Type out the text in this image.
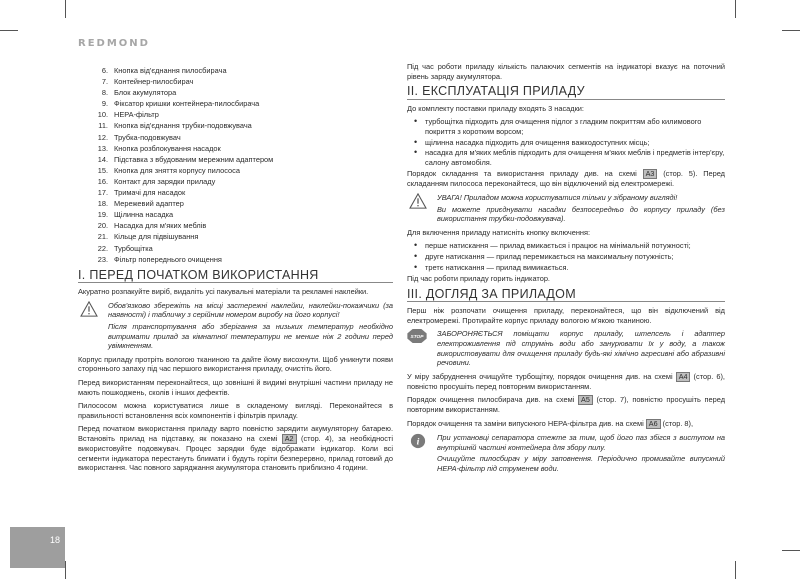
REDMOND
18
6. Кнопка від'єднання пилосбирача
7. Контейнер-пилосбирач
8. Блок акумулятора
9. Фіксатор кришки контейнера-пилосбирача
10. HEPA-фільтр
11. Кнопка від'єднання трубки-подовжувача
12. Трубка-подовжувач
13. Кнопка розблокування насадок
14. Підставка з вбудованим мережним адаптером
15. Кнопка для зняття корпусу пилососа
16. Контакт для зарядки приладу
17. Тримачі для насадок
18. Мережевий адаптер
19. Щілинна насадка
20. Насадка для м'яких меблів
21. Кільце для підвішування
22. Турбощітка
23. Фільтр попереднього очищення
I. ПЕРЕД ПОЧАТКОМ ВИКОРИСТАННЯ

Акуратно розпакуйте виріб, видаліть усі пакувальні матеріали та рекламні наклейки.

Обов'язково збережіть на місці застережні наклейки, наклейки-покажчики (за наявності) і табличку з серійним номером виробу на його корпусі!

Після транспортування або зберігання за низьких температур необхідно витримати прилад за кімнатної температури не менше ніж 2 години перед увімкненням.

Корпус приладу протріть вологою тканиною та дайте йому висохнути. Щоб уникнути появи стороннього запаху під час першого використання приладу, очистіть його.

Перед використанням переконайтеся, що зовнішні й видимі внутрішні частини приладу не мають пошкоджень, сколів і інших дефектів.

Пилососом можна користуватися лише в складеному вигляді. Переконайтеся в правильності встановлення всіх компонентів і фільтрів приладу.

Перед початком використання приладу варто повністю зарядити акумуляторну батарею. Встановіть прилад на підставку, як показано на схемі A2 (стор. 4), за необхідності використовуйте подовжувач. Процес зарядки буде відображати індикатор. Коли всі сегменти індикатора перестануть блимати і будуть горіти безперервно, прилад готовий до використання. Час повного заряджання акумулятора становить приблизно 4 години.

Під час роботи приладу кількість палаючих сегментів на індикаторі вказує на поточний рівень заряду акумулятора.

II. ЕКСПЛУАТАЦІЯ ПРИЛАДУ

До комплекту поставки приладу входять 3 насадки:

• турбощітка підходить для очищення підлог з гладким покриттям або килимового покриття з коротким ворсом;
• щілинна насадка підходить для очищення важкодоступних місць;
• насадка для м'яких меблів підходить для очищення м'яких меблів і предметів інтер'єру, салону автомобіля.

Порядок складання та використання приладу див. на схемі A3 (стор. 5). Перед складанням пилососа переконайтеся, що він відключений від електромережі.

УВАГА! Приладом можна користуватися тільки у зібраному вигляді!

Ви можете приєднувати насадки безпосередньо до корпусу приладу (без використання трубки-подовжувача).

Для включення приладу натисніть кнопку включення:

• перше натискання — прилад вмикається і працює на мінімальній потужності;
• друге натискання — прилад перемикається на максимальну потужність;
• третє натискання — прилад вимикається.

Під час роботи приладу горить індикатор.

III. ДОГЛЯД ЗА ПРИЛАДОМ

Перш ніж розпочати очищення приладу, переконайтеся, що він відключений від електромережі. Протирайте корпус приладу вологою м'якою тканиною.

STOP ЗАБОРОНЯЄТЬСЯ поміщати корпус приладу, штепсель і адаптер електроживлення під струмінь води або занурювати їх у воду, а також використовувати для очищення приладу будь-які хімічно агресивні або абразивні речовини.

У міру забруднення очищуйте турбощітку, порядок очищення див. на схемі A4 (стор. 6), повністю просушіть перед повторним використанням.

Порядок очищення пилосбирача див. на схемі A5 (стор. 7), повністю просушіть перед повторним використанням.

Порядок очищення та заміни випускного HEPA-фільтра див. на схемі A6 (стор. 8),

i При установці сепаратора стежте за тим, щоб його паз збігся з виступом на внутрішній частині контейнера для збору пилу.

Очищуйте пилосбирач у міру заповнення. Періодично промивайте випускний HEPA-фільтр під струменем води.
